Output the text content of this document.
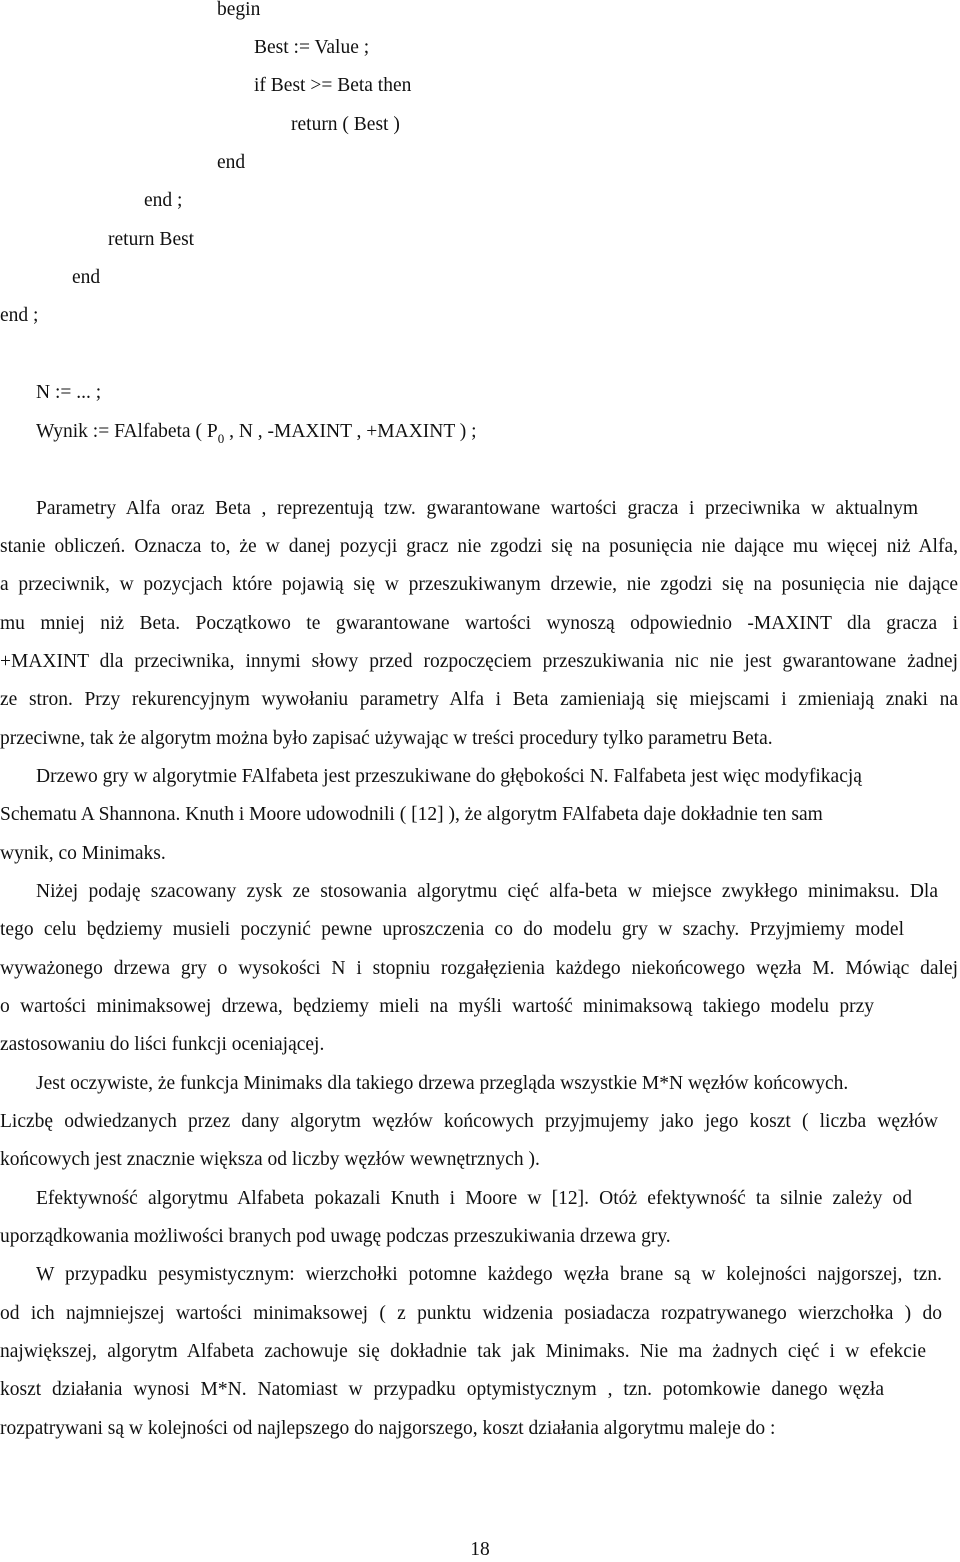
begin
Best := Value ;
if Best >= Beta then
return ( Best )
end
end ;
return Best
end
end ;
N := ... ;
Wynik := FAlfabeta ( $P_0$ , N , -MAXINT , +MAXINT ) ;
Parametry Alfa oraz Beta , reprezentują tzw. gwarantowane wartości gracza i przeciwnika w aktualnym
stanie obliczeń. Oznacza to, że w danej pozycji gracz nie zgodzi się na posunięcia nie dające mu więcej niż Alfa,
a przeciwnik, w pozycjach które pojawią się w przeszukiwanym drzewie, nie zgodzi się na posunięcia nie dające
mu mniej niż Beta. Początkowo te gwarantowane wartości wynoszą odpowiednio -MAXINT dla gracza i
+MAXINT dla przeciwnika, innymi słowy przed rozpoczęciem przeszukiwania nic nie jest gwarantowane żadnej
ze stron. Przy rekurencyjnym wywołaniu parametry Alfa i Beta zamieniają się miejscami i zmieniają znaki na
przeciwne, tak że algorytm można było zapisać używając w treści procedury tylko parametru Beta.
Drzewo gry w algorytmie FAlfabeta jest przeszukiwane do głębokości N. Falfabeta jest więc modyfikacją
Schematu A Shannona. Knuth i Moore udowodnili ( [12] ), że algorytm FAlfabeta daje dokładnie ten sam
wynik, co Minimaks.
Niżej podaję szacowany zysk ze stosowania algorytmu cięć alfa-beta w miejsce zwykłego minimaksu. Dla
tego celu będziemy musieli poczynić pewne uproszczenia co do modelu gry w szachy. Przyjmiemy model
wyważonego drzewa gry o wysokości N i stopniu rozgałęzienia każdego niekońcowego węzła M. Mówiąc dalej
o wartości minimaksowej drzewa, będziemy mieli na myśli wartość minimaksową takiego modelu przy
zastosowaniu do liści funkcji oceniającej.
Jest oczywiste, że funkcja Minimaks dla takiego drzewa przegląda wszystkie M*N węzłów końcowych.
Liczbę odwiedzanych przez dany algorytm węzłów końcowych przyjmujemy jako jego koszt ( liczba węzłów
końcowych jest znacznie większa od liczby węzłów wewnętrznych ).
Efektywność algorytmu Alfabeta pokazali Knuth i Moore w [12]. Otóż efektywność ta silnie zależy od
uporządkowania możliwości branych pod uwagę podczas przeszukiwania drzewa gry.
W przypadku pesymistycznym: wierzchołki potomne każdego węzła brane są w kolejności najgorszej, tzn.
od ich najmniejszej wartości minimaksowej ( z punktu widzenia posiadacza rozpatrywanego wierzchołka ) do
największej, algorytm Alfabeta zachowuje się dokładnie tak jak Minimaks. Nie ma żadnych cięć i w efekcie
koszt działania wynosi M*N. Natomiast w przypadku optymistycznym , tzn. potomkowie danego węzła
rozpatrywani są w kolejności od najlepszego do najgorszego, koszt działania algorytmu maleje do :
18
